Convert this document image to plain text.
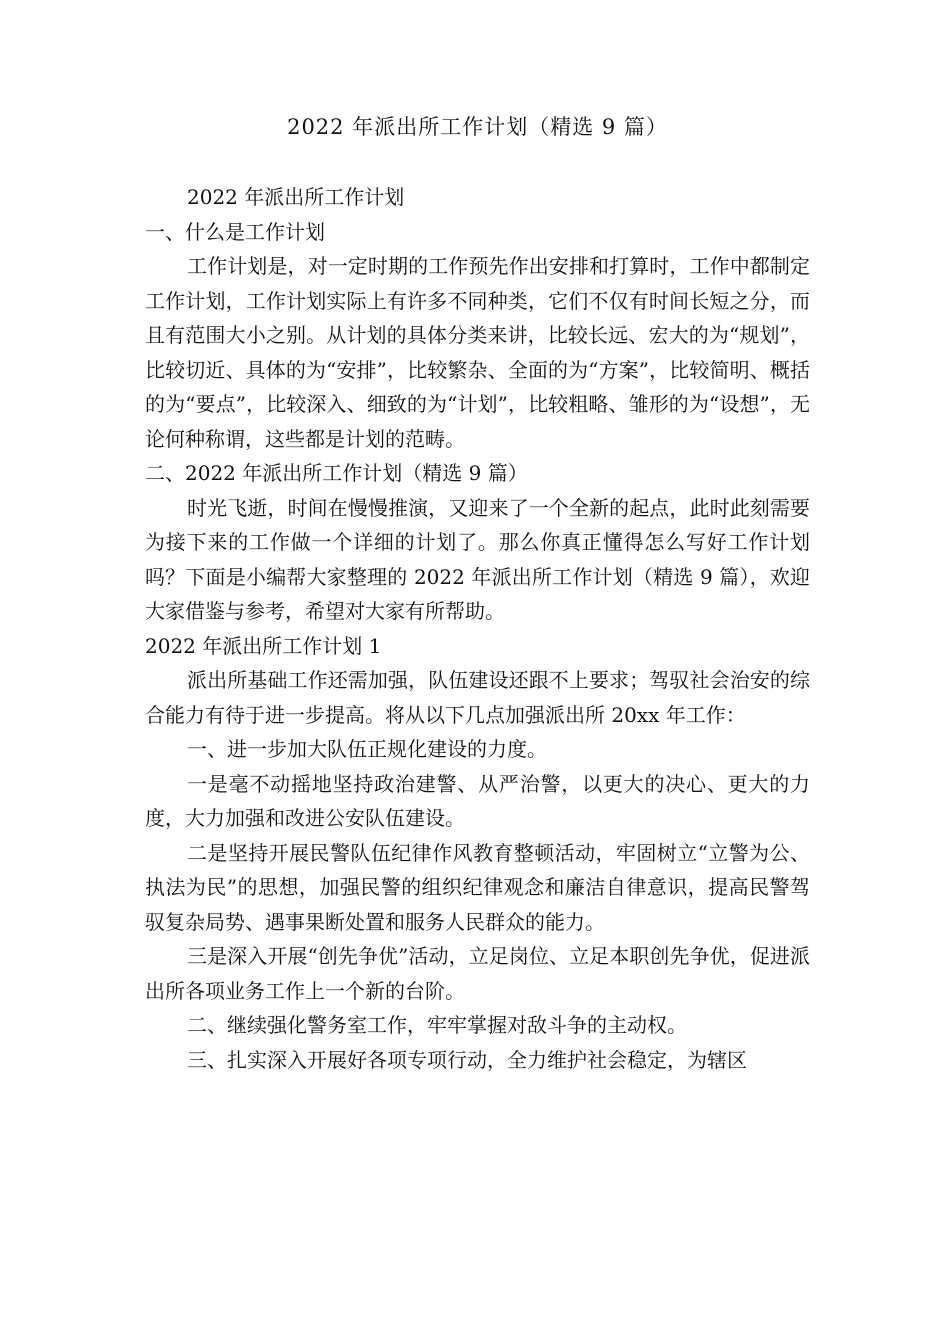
2022 年派出所工作计划（精选 9 篇）

2022 年派出所工作计划

一、什么是工作计划

工作计划是，对一定时期的工作预先作出安排和打算时，工作中都制定工作计划，工作计划实际上有许多不同种类，它们不仅有时间长短之分，而且有范围大小之别。从计划的具体分类来讲，比较长远、宏大的为“规划”，比较切近、具体的为“安排”，比较繁杂、全面的为“方案”，比较简明、概括的为“要点”，比较深入、细致的为“计划”，比较粗略、雏形的为“设想”，无论何种称谓，这些都是计划的范畴。

二、2022 年派出所工作计划（精选 9 篇）

时光飞逝，时间在慢慢推演，又迎来了一个全新的起点，此时此刻需要为接下来的工作做一个详细的计划了。那么你真正懂得怎么写好工作计划吗？下面是小编帮大家整理的 2022 年派出所工作计划（精选 9 篇），欢迎大家借鉴与参考，希望对大家有所帮助。

2022 年派出所工作计划 1

派出所基础工作还需加强，队伍建设还跟不上要求；驾驭社会治安的综合能力有待于进一步提高。将从以下几点加强派出所 20xx 年工作：

一、进一步加大队伍正规化建设的力度。

一是毫不动摇地坚持政治建警、从严治警，以更大的决心、更大的力度，大力加强和改进公安队伍建设。

二是坚持开展民警队伍纪律作风教育整顿活动，牢固树立“立警为公、执法为民”的思想，加强民警的组织纪律观念和廉洁自律意识，提高民警驾驭复杂局势、遇事果断处置和服务人民群众的能力。

三是深入开展“创先争优”活动，立足岗位、立足本职创先争优，促进派出所各项业务工作上一个新的台阶。

二、继续强化警务室工作，牢牢掌握对敌斗争的主动权。

三、扎实深入开展好各项专项行动，全力维护社会稳定，为辖区
